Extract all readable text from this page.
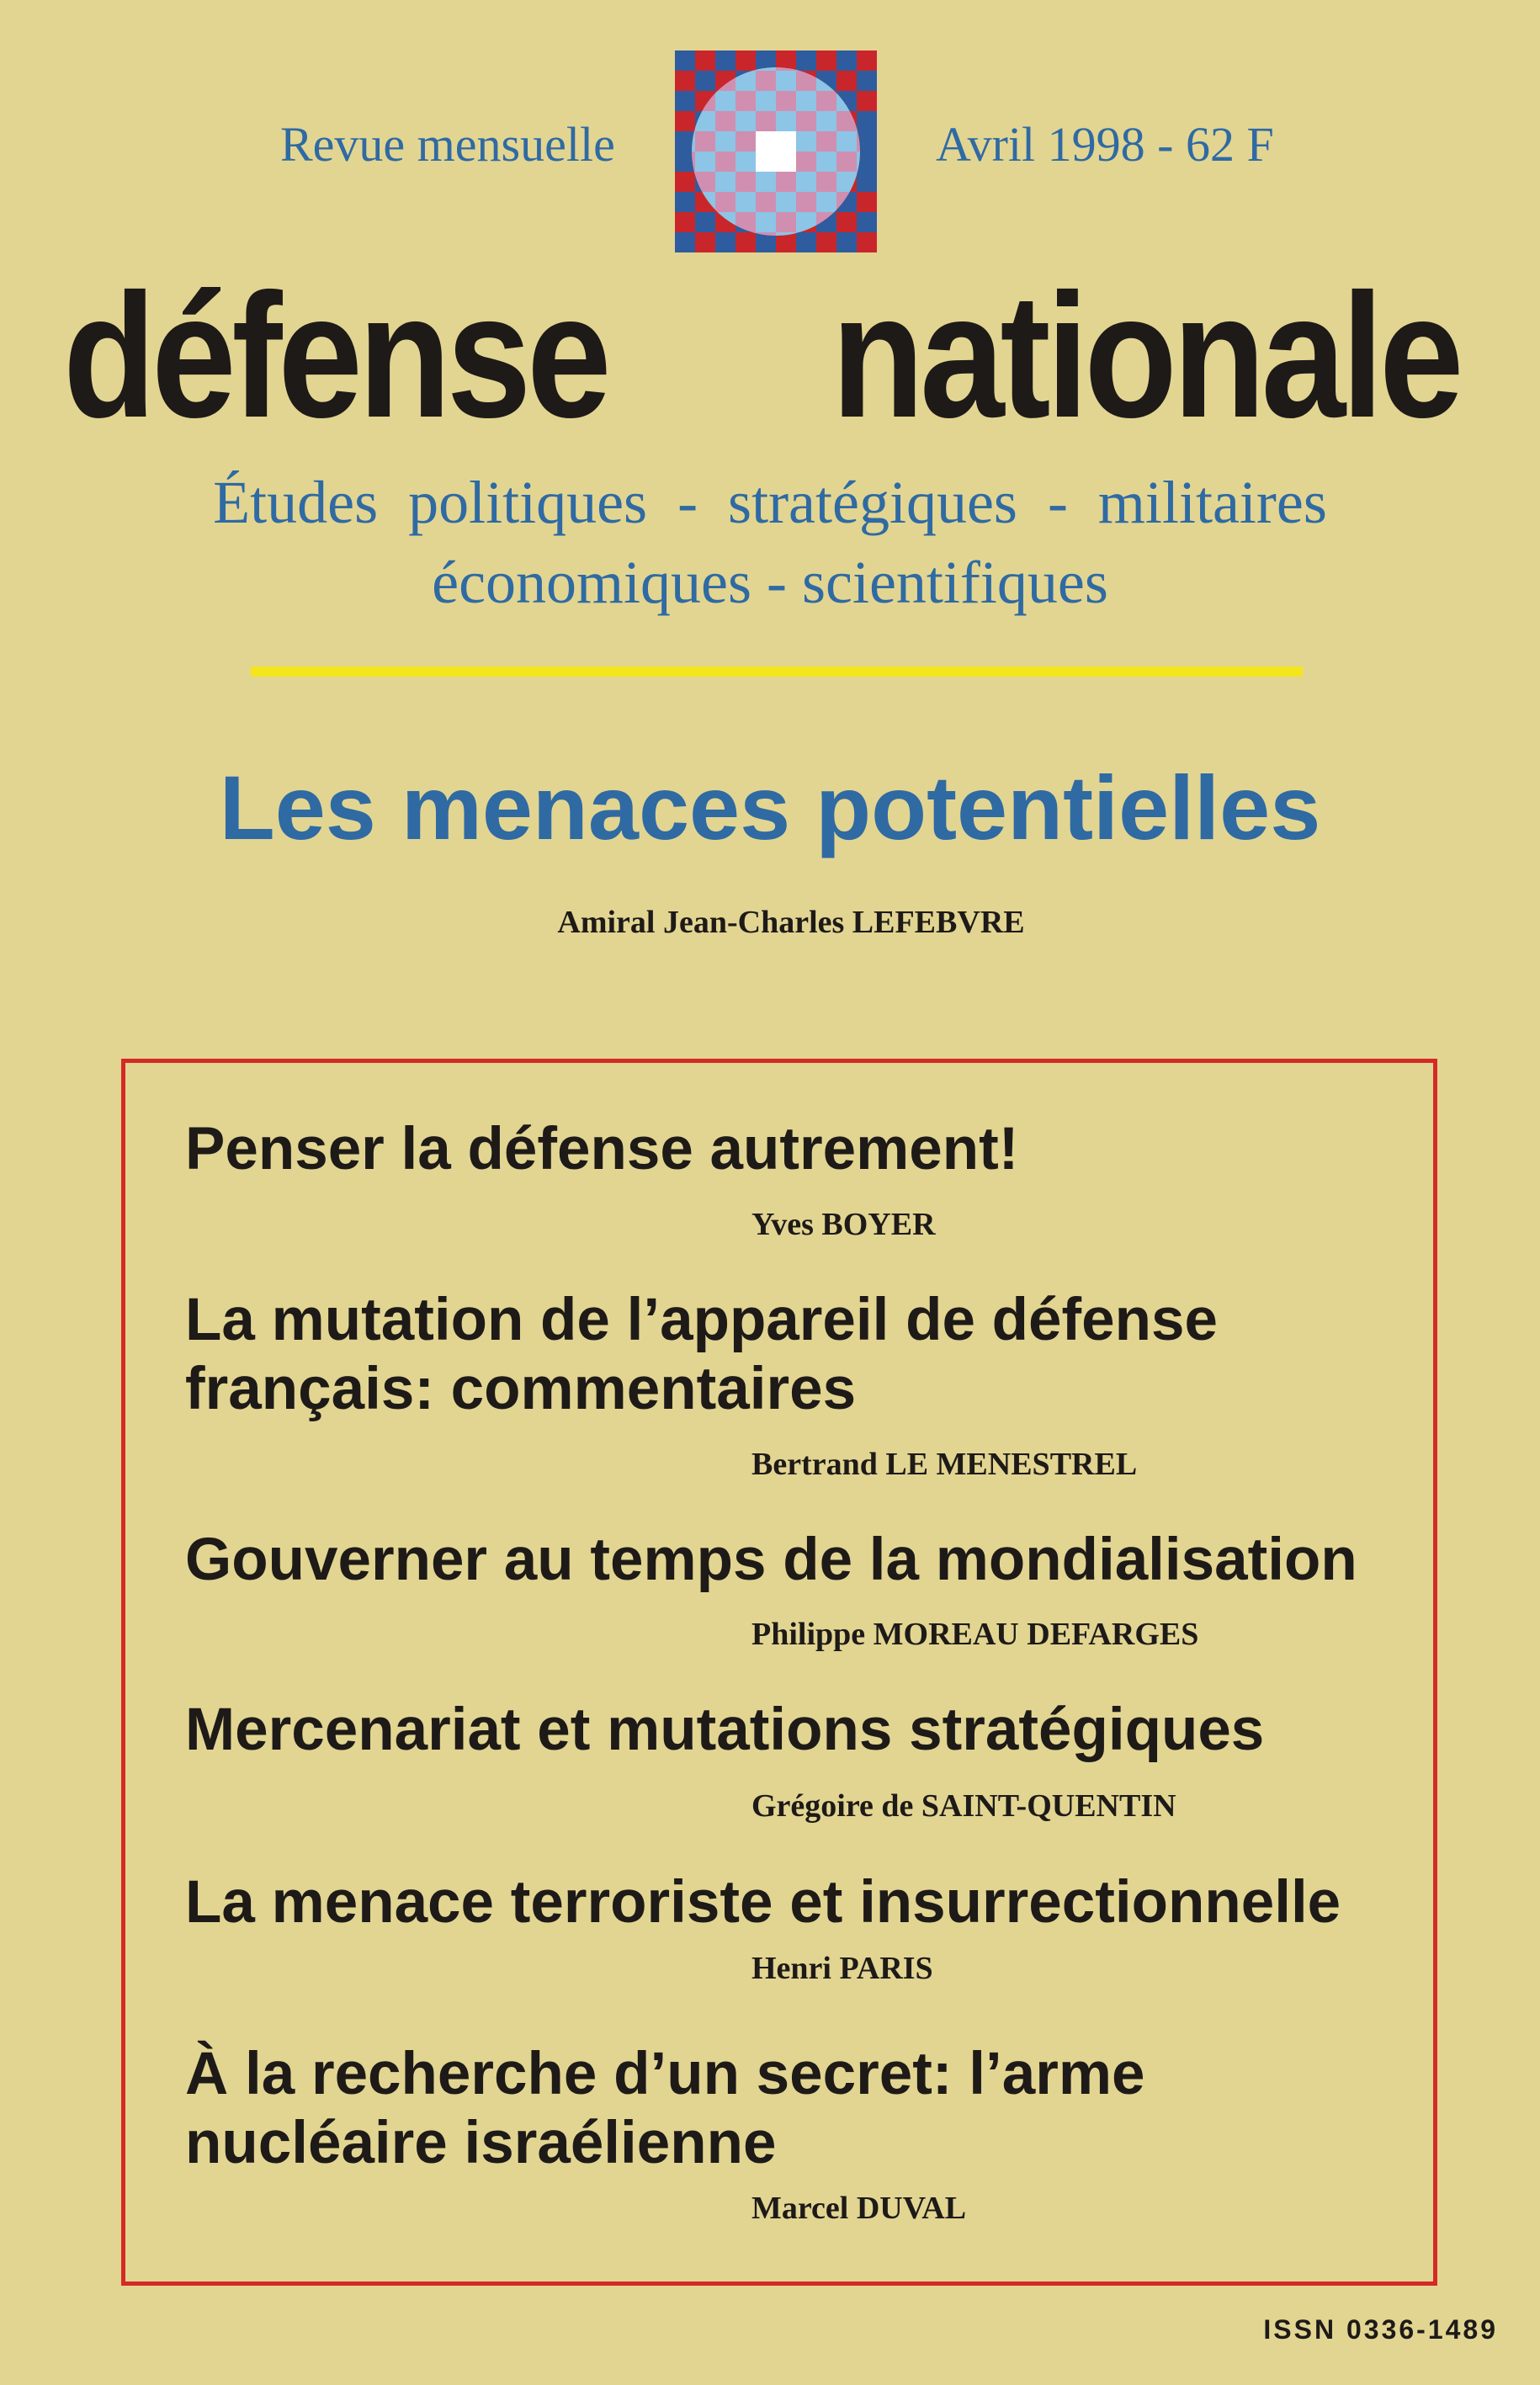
Revue mensuelle	Avril 1998 - 62 F
défense nationale
Études  politiques  -  stratégiques  -  militaires
économiques - scientifiques
Les menaces potentielles
Amiral Jean-Charles LEFEBVRE
Penser la défense autrement!
Yves BOYER
La mutation de l’appareil de défense
français: commentaires
Bertrand LE MENESTREL
Gouverner au temps de la mondialisation
Philippe MOREAU DEFARGES
Mercenariat et mutations stratégiques
Grégoire de SAINT-QUENTIN
La menace terroriste et insurrectionnelle
Henri PARIS
À la recherche d’un secret: l’arme
nucléaire israélienne
Marcel DUVAL
ISSN 0336-1489
